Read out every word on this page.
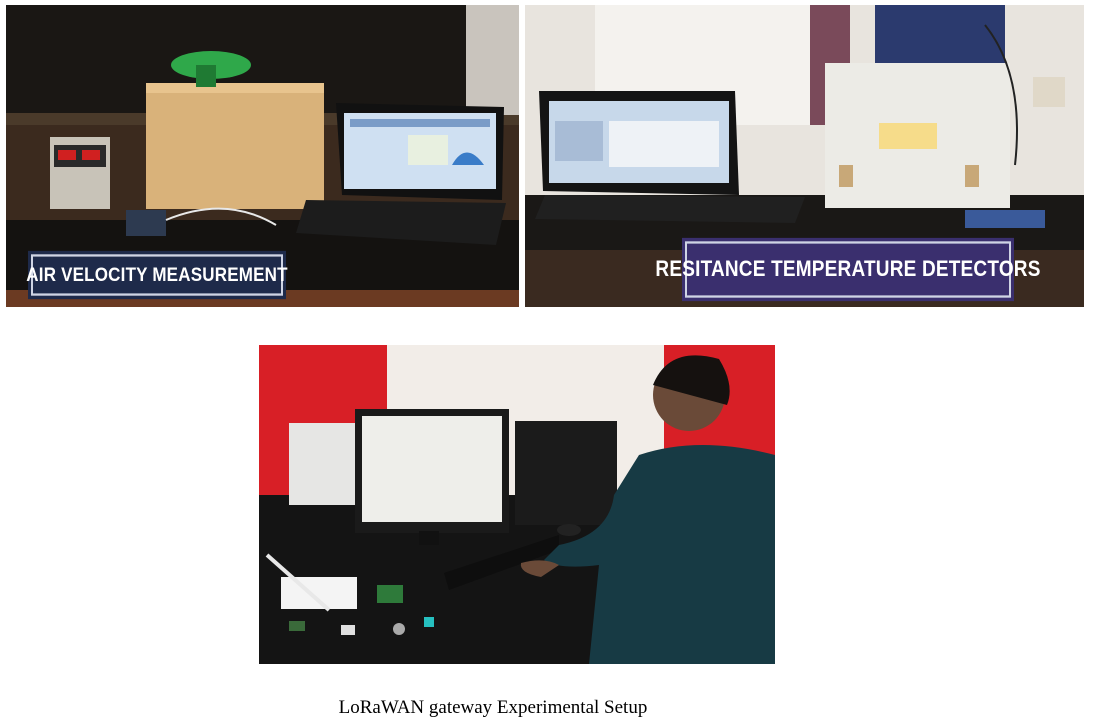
AIR VELOCITY MEASUREMENT	RESITANCE TEMPERATURE DETECTORS
LoRaWAN gateway Experimental Setup
